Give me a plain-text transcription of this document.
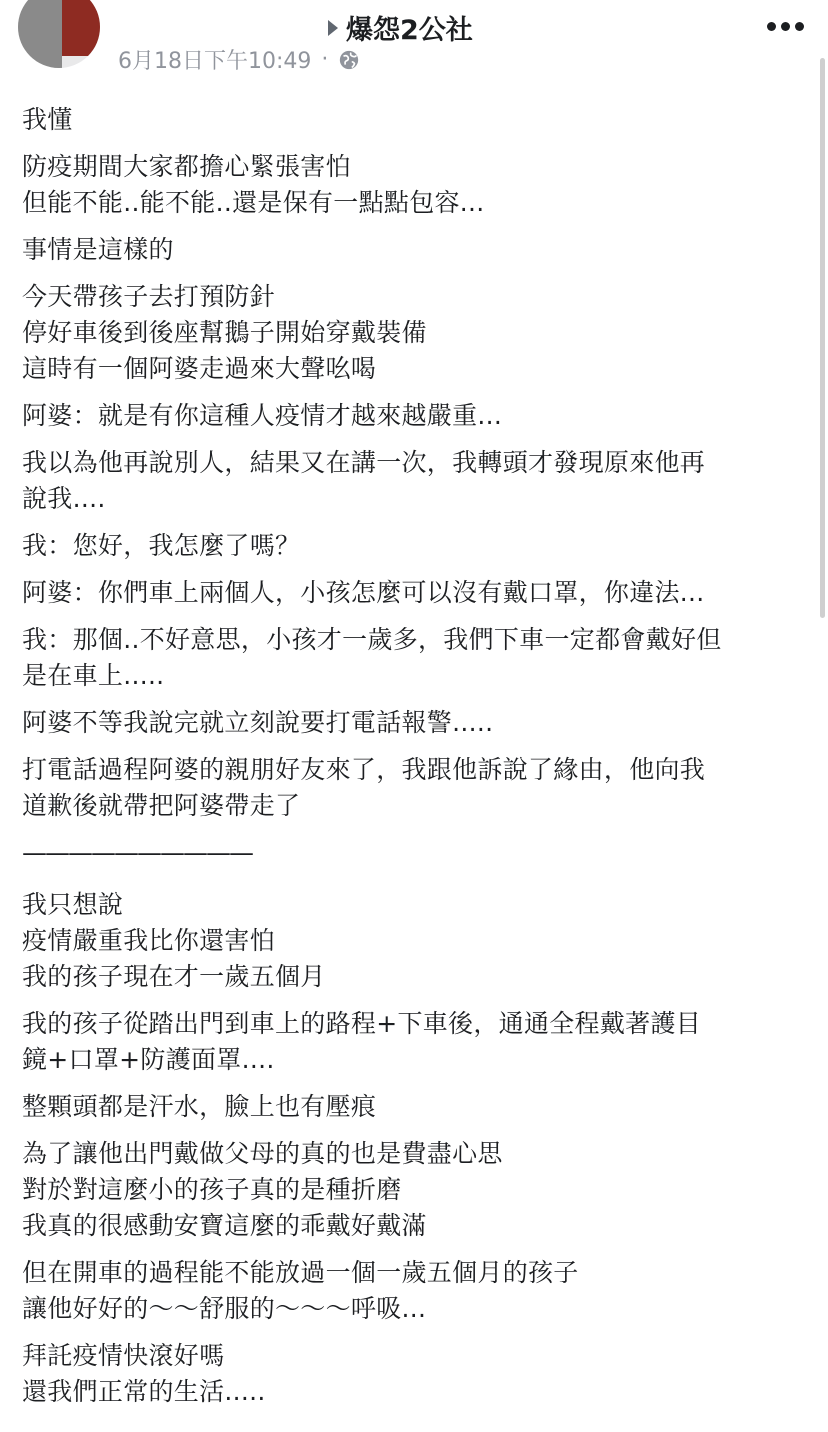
爆怨2公社
6月18日下午10:49 ·

我懂

防疫期間大家都擔心緊張害怕
但能不能..能不能..還是保有一點點包容...

事情是這樣的

今天帶孩子去打預防針
停好車後到後座幫鵝子開始穿戴裝備
這時有一個阿婆走過來大聲吆喝

阿婆：就是有你這種人疫情才越來越嚴重...

我以為他再說別人，結果又在講一次，我轉頭才發現原來他再
說我....

我：您好，我怎麼了嗎？

阿婆：你們車上兩個人，小孩怎麼可以沒有戴口罩，你違法...

我：那個..不好意思，小孩才一歲多，我們下車一定都會戴好但
是在車上.....

阿婆不等我說完就立刻說要打電話報警.....

打電話過程阿婆的親朋好友來了，我跟他訴說了緣由，他向我
道歉後就帶把阿婆帶走了

——————————

我只想說
疫情嚴重我比你還害怕
我的孩子現在才一歲五個月

我的孩子從踏出門到車上的路程+下車後，通通全程戴著護目
鏡+口罩+防護面罩....

整顆頭都是汗水，臉上也有壓痕

為了讓他出門戴做父母的真的也是費盡心思
對於對這麼小的孩子真的是種折磨
我真的很感動安寶這麼的乖戴好戴滿

但在開車的過程能不能放過一個一歲五個月的孩子
讓他好好的～～舒服的～～～呼吸...

拜託疫情快滾好嗎
還我們正常的生活.....
